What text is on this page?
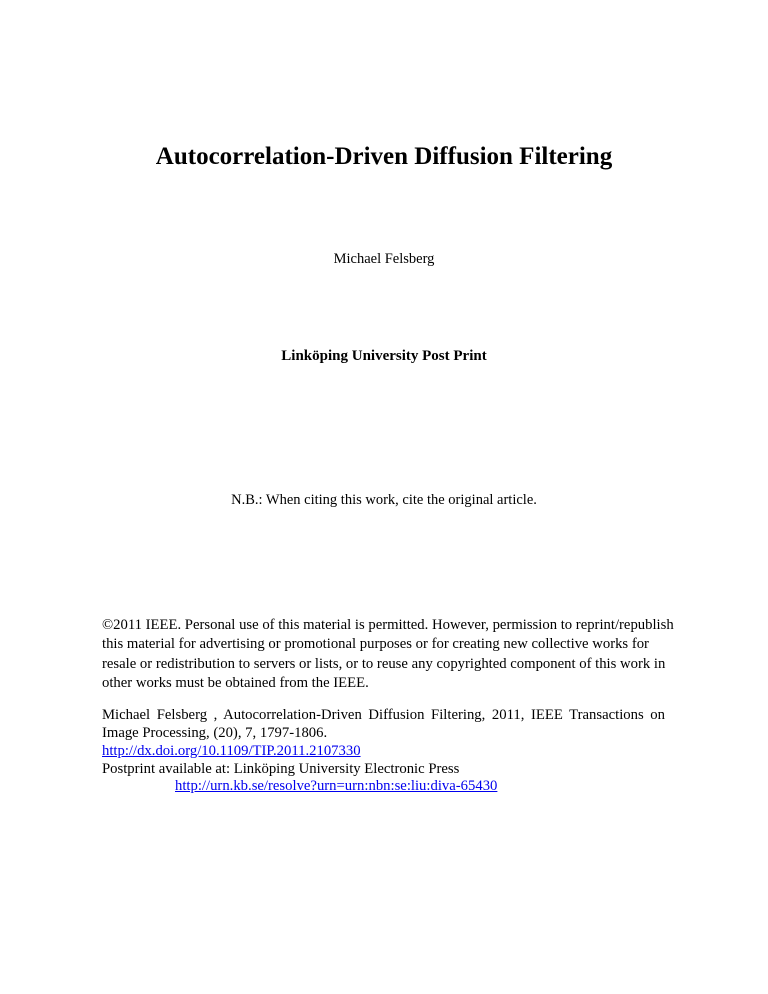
Autocorrelation-Driven Diffusion Filtering
Michael Felsberg
Linköping University Post Print
N.B.: When citing this work, cite the original article.
©2011 IEEE. Personal use of this material is permitted. However, permission to reprint/republish this material for advertising or promotional purposes or for creating new collective works for resale or redistribution to servers or lists, or to reuse any copyrighted component of this work in other works must be obtained from the IEEE.
Michael Felsberg , Autocorrelation-Driven Diffusion Filtering, 2011, IEEE Transactions on Image Processing, (20), 7, 1797-1806.
http://dx.doi.org/10.1109/TIP.2011.2107330
Postprint available at: Linköping University Electronic Press
http://urn.kb.se/resolve?urn=urn:nbn:se:liu:diva-65430
